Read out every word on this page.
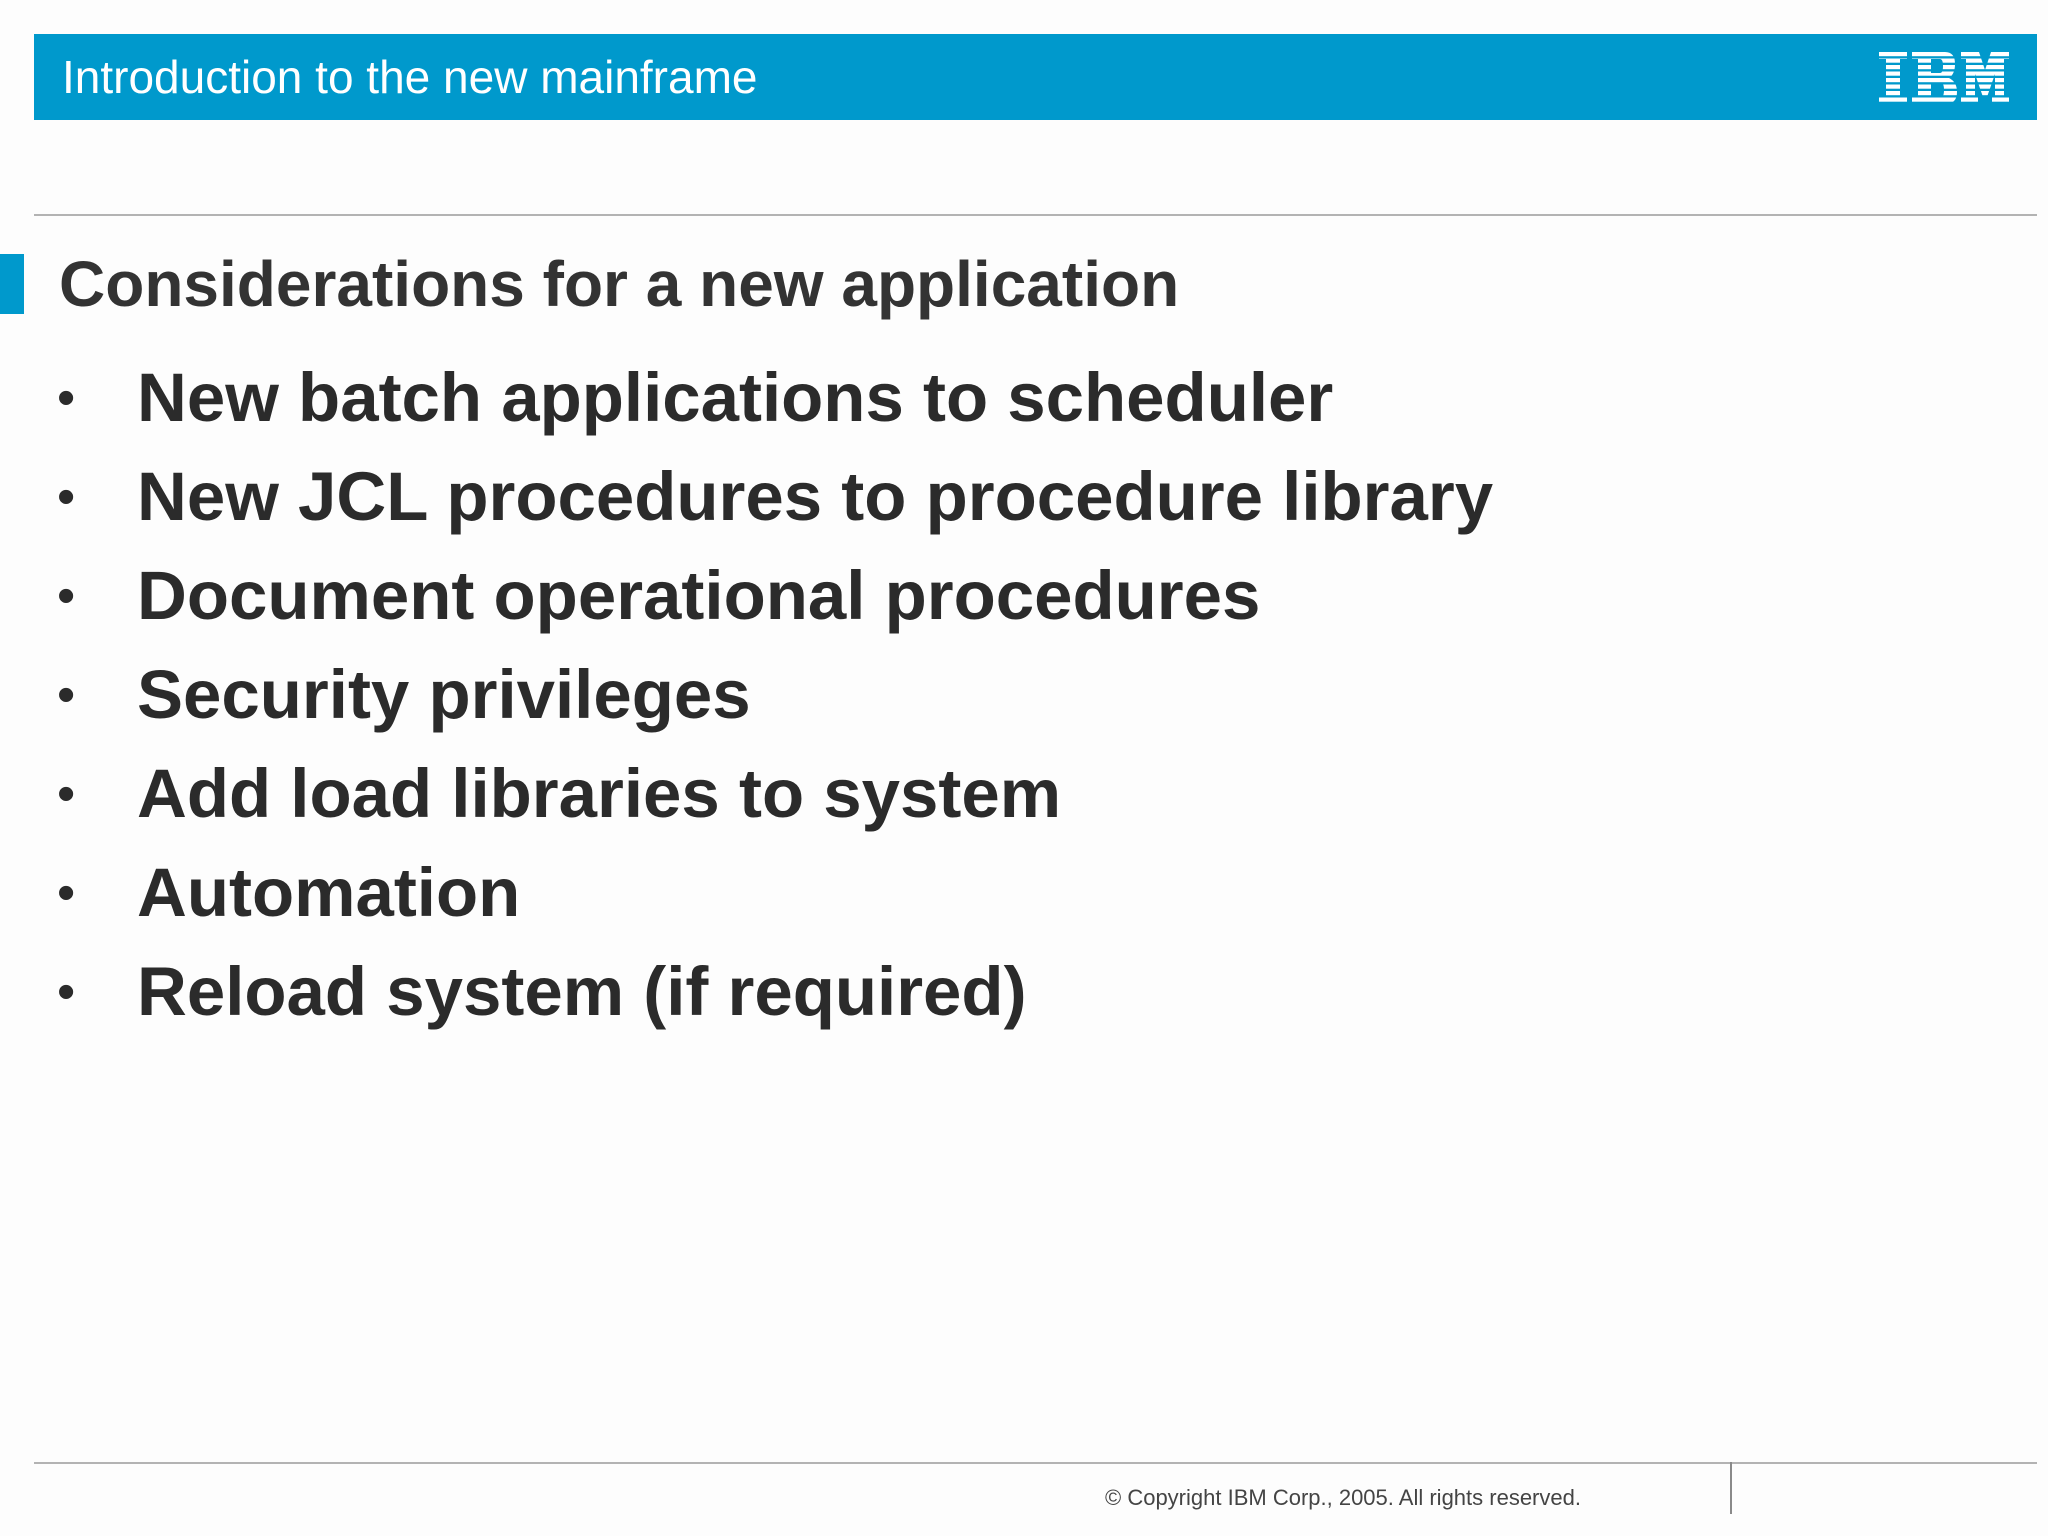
Introduction to the new mainframe
Considerations for a new application
• New batch applications to scheduler
• New JCL procedures to procedure library
• Document operational procedures
• Security privileges
• Add load libraries to system
• Automation
• Reload system (if required)
© Copyright IBM Corp., 2005. All rights reserved.
